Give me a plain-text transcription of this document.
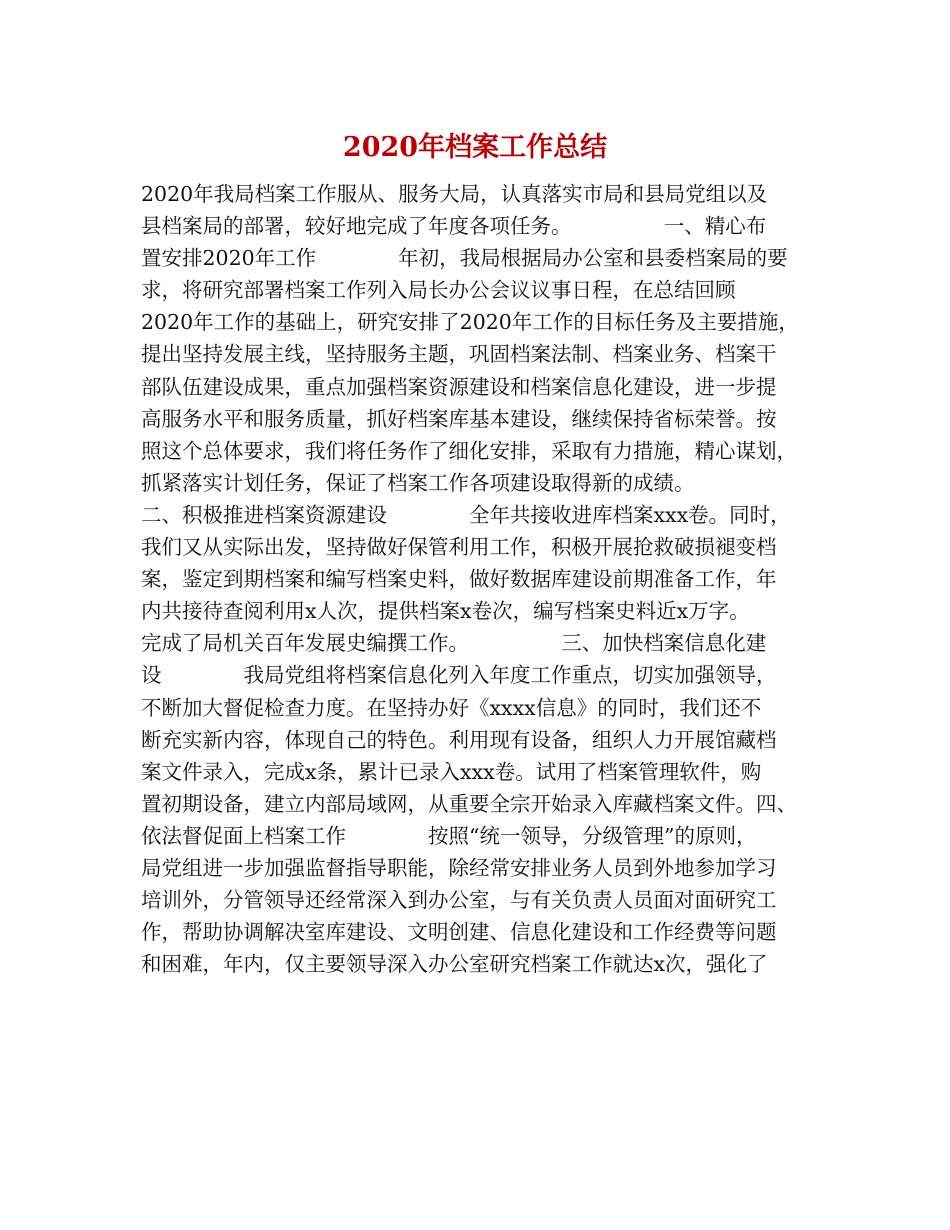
2020年档案工作总结
2020年我局档案工作服从、服务大局，认真落实市局和县局党组以及
县档案局的部署，较好地完成了年度各项任务。　　　　　一、精心布
置安排2020年工作　　　　年初，我局根据局办公室和县委档案局的要
求，将研究部署档案工作列入局长办公会议议事日程，在总结回顾
2020年工作的基础上，研究安排了2020年工作的目标任务及主要措施，
提出坚持发展主线，坚持服务主题，巩固档案法制、档案业务、档案干
部队伍建设成果，重点加强档案资源建设和档案信息化建设，进一步提
高服务水平和服务质量，抓好档案库基本建设，继续保持省标荣誉。按
照这个总体要求，我们将任务作了细化安排，采取有力措施，精心谋划，
抓紧落实计划任务，保证了档案工作各项建设取得新的成绩。
二、积极推进档案资源建设　　　　全年共接收进库档案xxx卷。同时，
我们又从实际出发，坚持做好保管利用工作，积极开展抢救破损褪变档
案，鉴定到期档案和编写档案史料，做好数据库建设前期准备工作，年
内共接待查阅利用x人次，提供档案x卷次，编写档案史料近x万字。
完成了局机关百年发展史编撰工作。　　　　　三、加快档案信息化建
设　　　　我局党组将档案信息化列入年度工作重点，切实加强领导，
不断加大督促检查力度。在坚持办好《xxxx信息》的同时，我们还不
断充实新内容，体现自己的特色。利用现有设备，组织人力开展馆藏档
案文件录入，完成x条，累计已录入xxx卷。试用了档案管理软件，购
置初期设备，建立内部局域网，从重要全宗开始录入库藏档案文件。四、
依法督促面上档案工作　　　　按照“统一领导，分级管理”的原则，
局党组进一步加强监督指导职能，除经常安排业务人员到外地参加学习
培训外，分管领导还经常深入到办公室，与有关负责人员面对面研究工
作，帮助协调解决室库建设、文明创建、信息化建设和工作经费等问题
和困难，年内，仅主要领导深入办公室研究档案工作就达x次，强化了
